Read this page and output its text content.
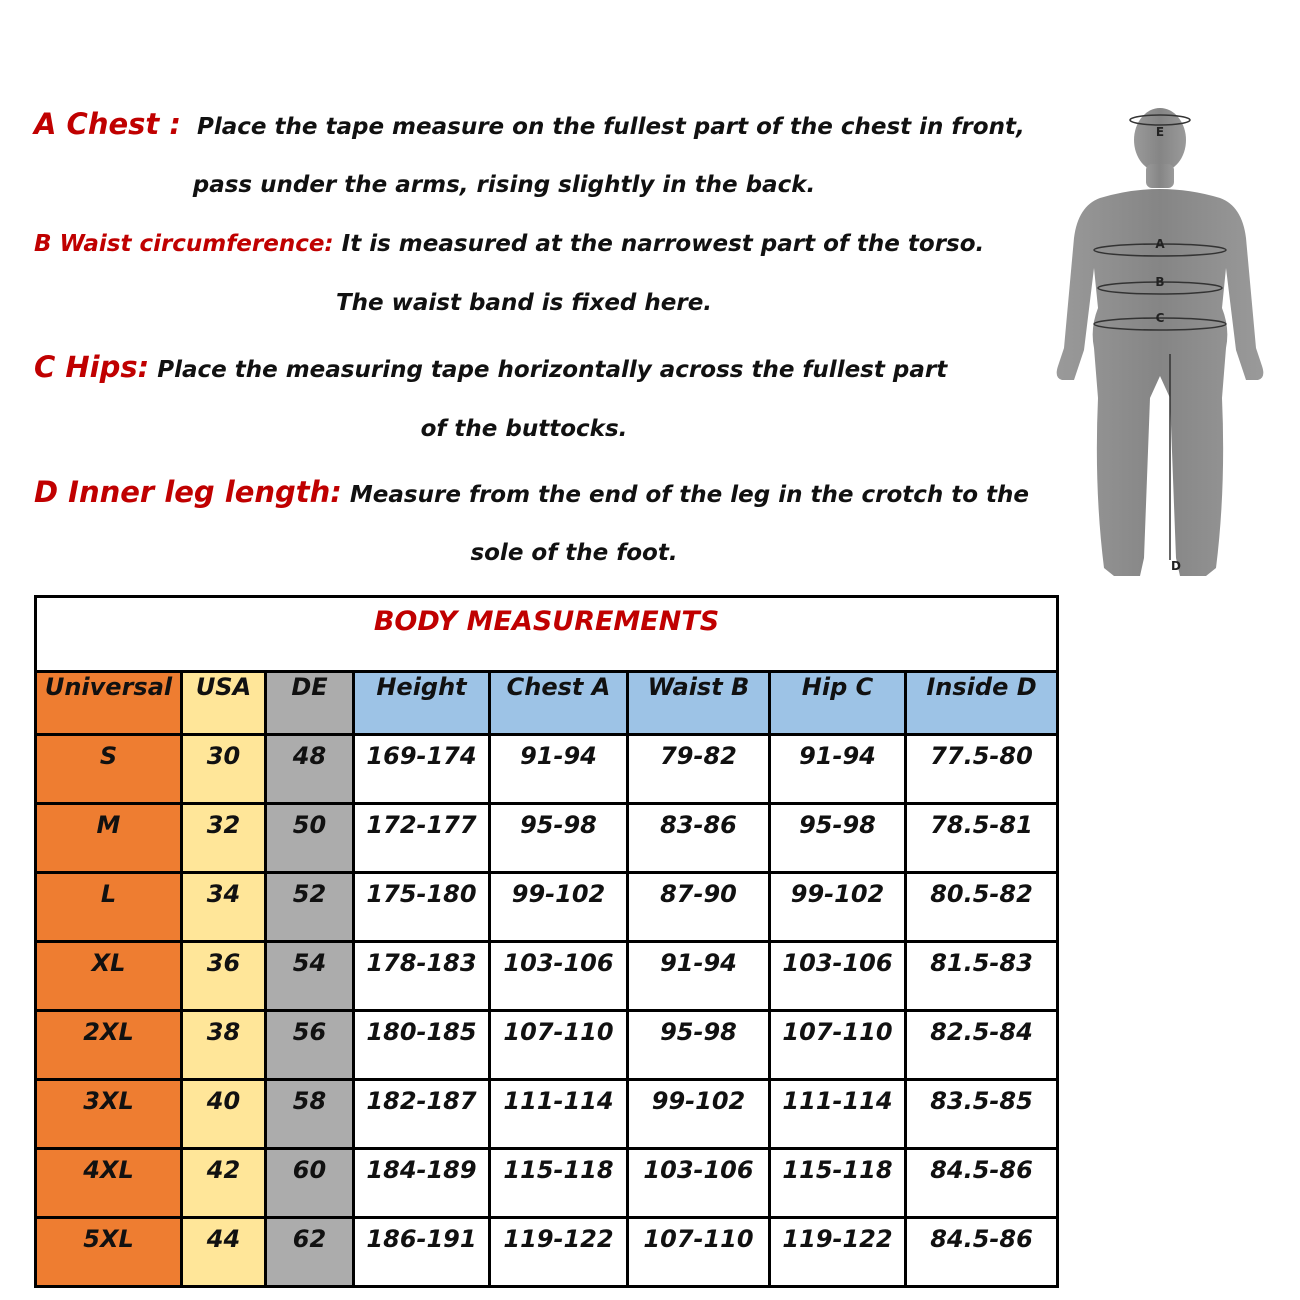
A Chest : Place the tape measure on the fullest part of the chest in front,
pass under the arms, rising slightly in the back.
B Waist circumference: It is measured at the narrowest part of the torso.
The waist band is fixed here.
C Hips: Place the measuring tape horizontally across the fullest part
of the buttocks.
D Inner leg length: Measure from the end of the leg in the crotch to the
sole of the foot.
E
A
B
C
D
BODY MEASUREMENTS							
Universal	USA	DE	Height	Chest A	Waist B	Hip C	Inside D
S	30	48	169-174	91-94	79-82	91-94	77.5-80
M	32	50	172-177	95-98	83-86	95-98	78.5-81
L	34	52	175-180	99-102	87-90	99-102	80.5-82
XL	36	54	178-183	103-106	91-94	103-106	81.5-83
2XL	38	56	180-185	107-110	95-98	107-110	82.5-84
3XL	40	58	182-187	111-114	99-102	111-114	83.5-85
4XL	42	60	184-189	115-118	103-106	115-118	84.5-86
5XL	44	62	186-191	119-122	107-110	119-122	84.5-86
